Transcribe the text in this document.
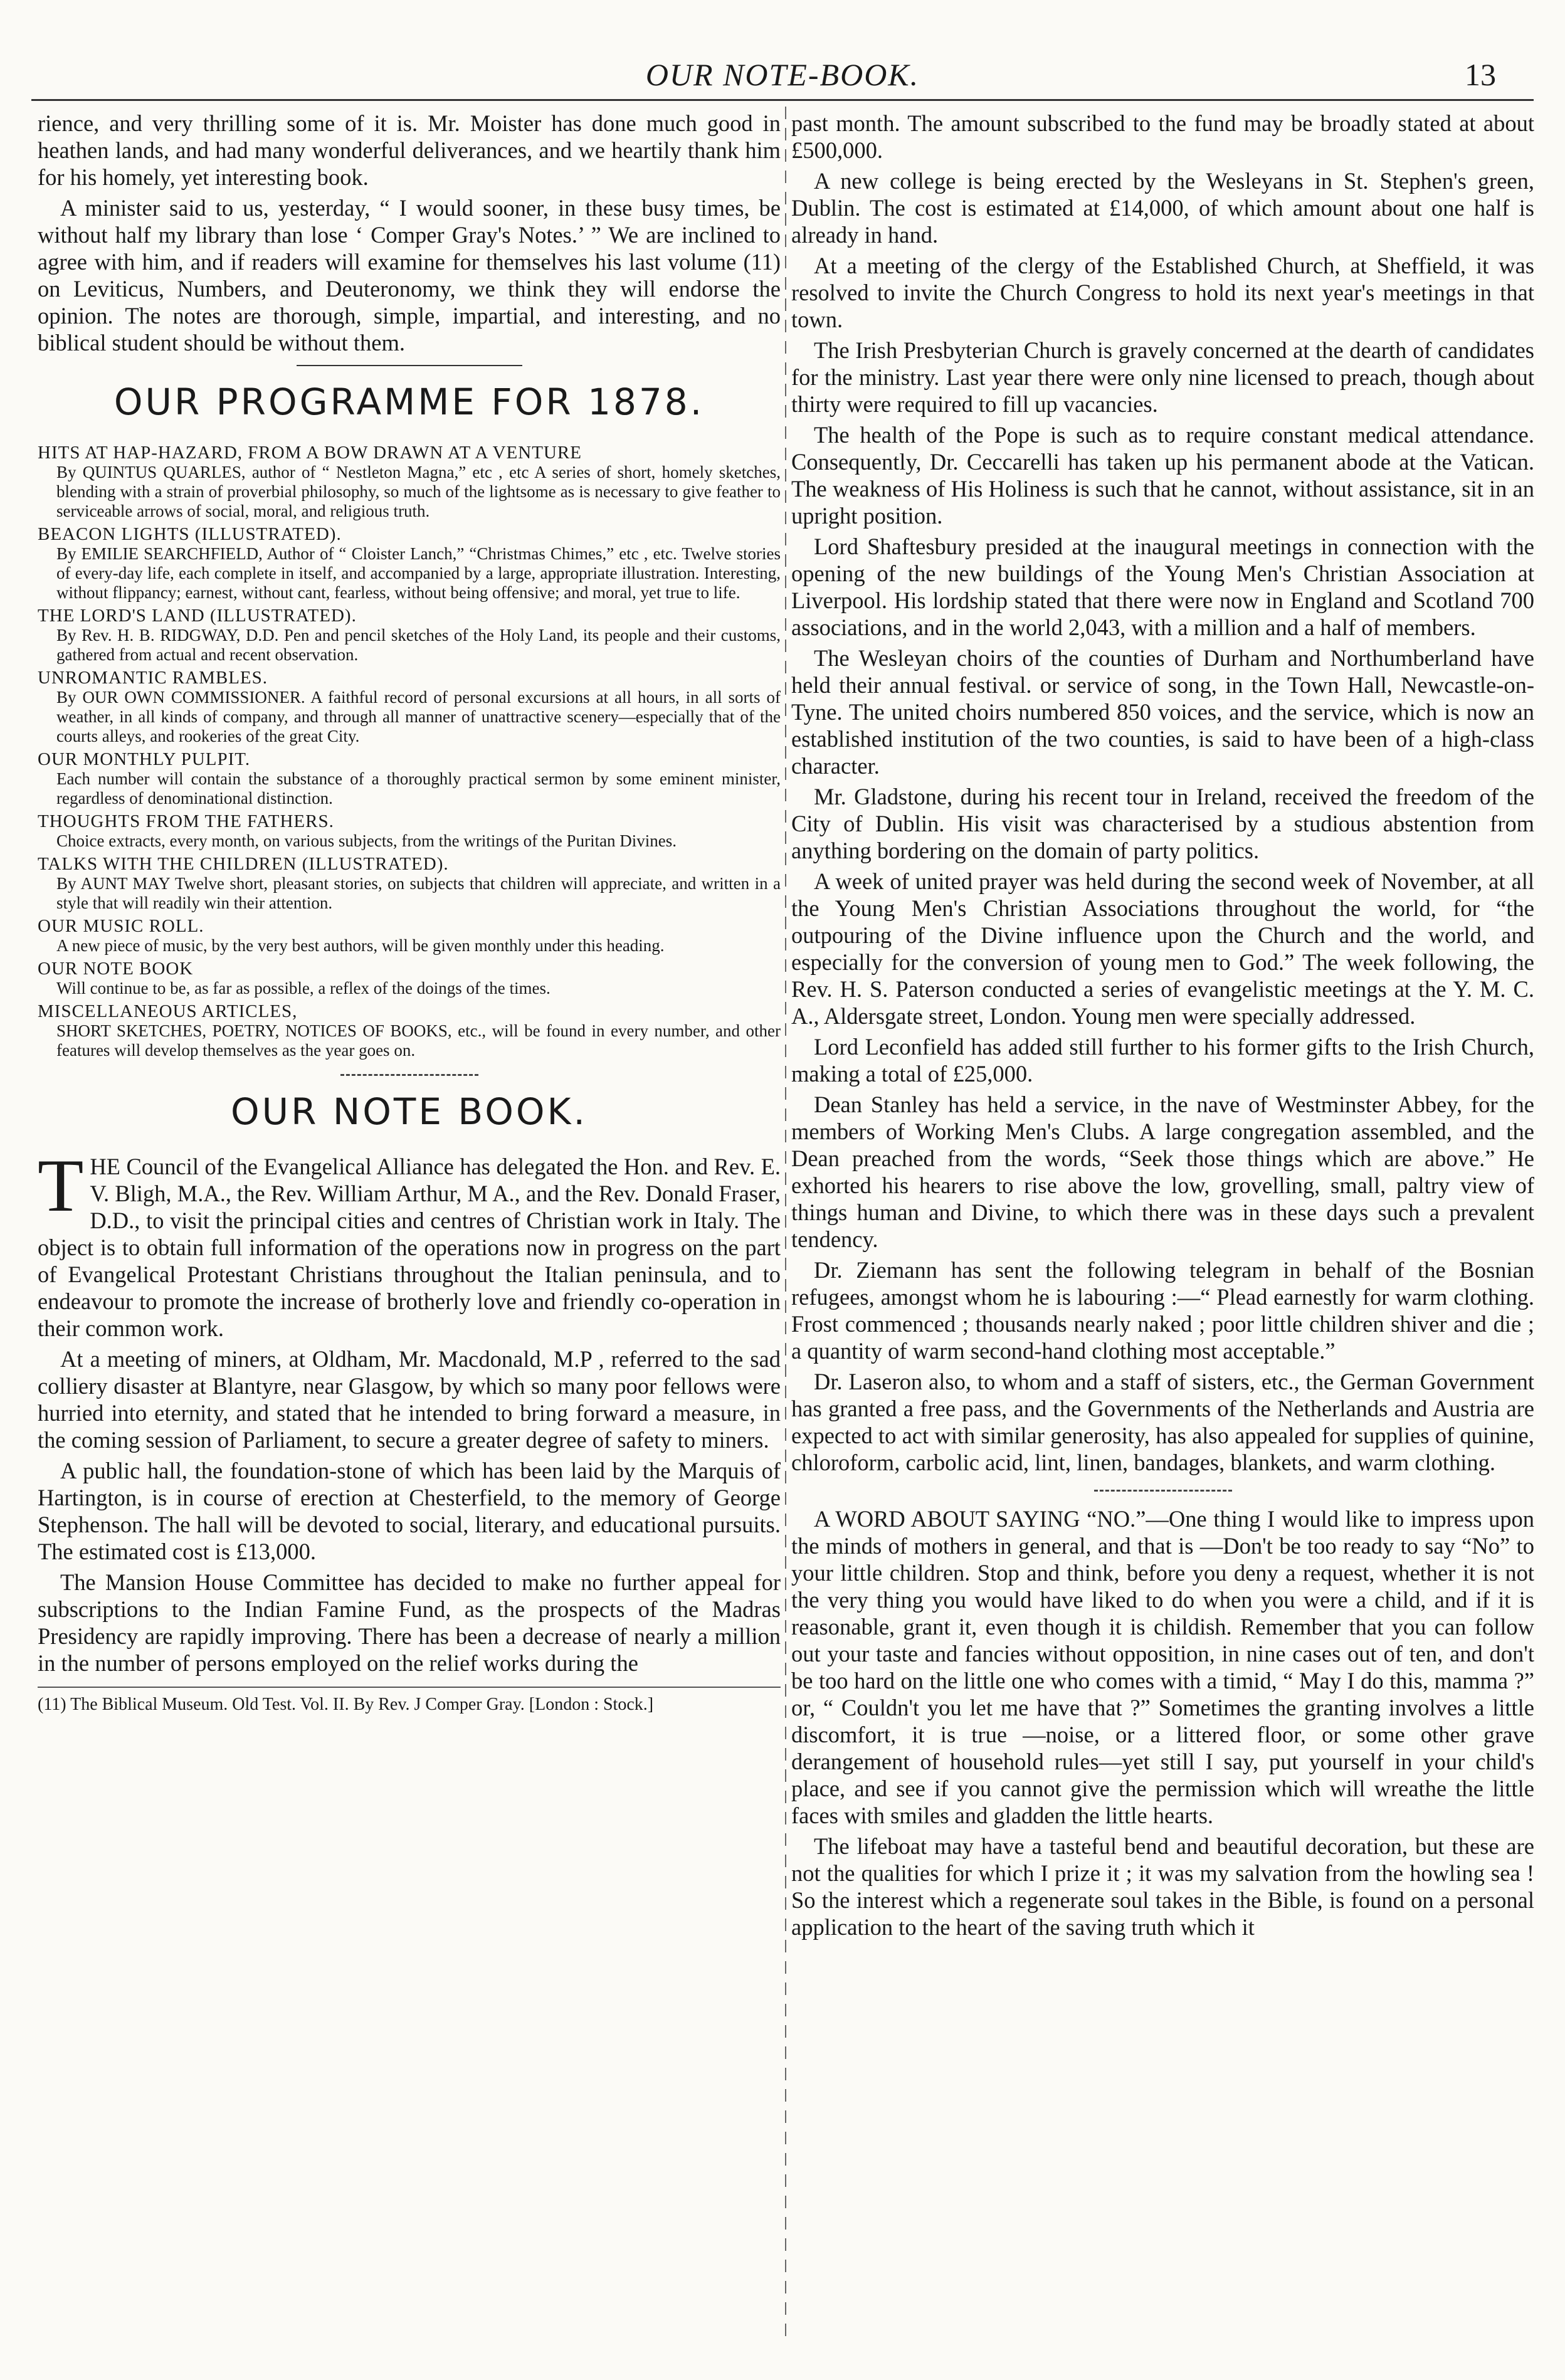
OUR NOTE-BOOK.	13

rience, and very thrilling some of it is. Mr. Moister has done much good in heathen lands, and had many wonderful deliverances, and we heartily thank him for his homely, yet interesting book.

A minister said to us, yesterday, “ I would sooner, in these busy times, be without half my library than lose ‘ Comper Gray's Notes.’ ” We are inclined to agree with him, and if readers will examine for themselves his last volume (11) on Leviticus, Numbers, and Deuteronomy, we think they will endorse the opinion. The notes are thorough, simple, impartial, and interesting, and no biblical student should be without them.

OUR PROGRAMME FOR 1878.
HITS AT HAP-HAZARD, FROM A BOW DRAWN AT A VENTURE

By QUINTUS QUARLES, author of “ Nestleton Magna,” etc , etc A series of short, homely sketches, blending with a strain of proverbial philosophy, so much of the lightsome as is necessary to give feather to serviceable arrows of social, moral, and religious truth.

BEACON LIGHTS (ILLUSTRATED).

By EMILIE SEARCHFIELD, Author of “ Cloister Lanch,” “Christmas Chimes,” etc , etc. Twelve stories of every-day life, each complete in itself, and accompanied by a large, appropriate illustration. Interesting, without flippancy; earnest, without cant, fearless, without being offensive; and moral, yet true to life.

THE LORD'S LAND (ILLUSTRATED).

By Rev. H. B. RIDGWAY, D.D. Pen and pencil sketches of the Holy Land, its people and their customs, gathered from actual and recent observation.

UNROMANTIC RAMBLES.

By OUR OWN COMMISSIONER. A faithful record of personal excursions at all hours, in all sorts of weather, in all kinds of company, and through all manner of unattractive scenery—especially that of the courts alleys, and rookeries of the great City.

OUR MONTHLY PULPIT.

Each number will contain the substance of a thoroughly practical sermon by some eminent minister, regardless of denominational distinction.

THOUGHTS FROM THE FATHERS.

Choice extracts, every month, on various subjects, from the writings of the Puritan Divines.

TALKS WITH THE CHILDREN (ILLUSTRATED).

By AUNT MAY Twelve short, pleasant stories, on subjects that children will appreciate, and written in a style that will readily win their attention.

OUR MUSIC ROLL.

A new piece of music, by the very best authors, will be given monthly under this heading.

OUR NOTE BOOK

Will continue to be, as far as possible, a reflex of the doings of the times.

MISCELLANEOUS ARTICLES,

SHORT SKETCHES, POETRY, NOTICES OF BOOKS, etc., will be found in every number, and other features will develop themselves as the year goes on.

OUR NOTE BOOK.

THE Council of the Evangelical Alliance has delegated the Hon. and Rev. E. V. Bligh, M.A., the Rev. William Arthur, M A., and the Rev. Donald Fraser, D.D., to visit the principal cities and centres of Christian work in Italy. The object is to obtain full information of the operations now in progress on the part of Evangelical Protestant Christians throughout the Italian peninsula, and to endeavour to promote the increase of brotherly love and friendly co-operation in their common work.

At a meeting of miners, at Oldham, Mr. Macdonald, M.P , referred to the sad colliery disaster at Blantyre, near Glasgow, by which so many poor fellows were hurried into eternity, and stated that he intended to bring forward a measure, in the coming session of Parliament, to secure a greater degree of safety to miners.

A public hall, the foundation-stone of which has been laid by the Marquis of Hartington, is in course of erection at Chesterfield, to the memory of George Stephenson. The hall will be devoted to social, literary, and educational pursuits. The estimated cost is £13,000.

The Mansion House Committee has decided to make no further appeal for subscriptions to the Indian Famine Fund, as the prospects of the Madras Presidency are rapidly improving. There has been a decrease of nearly a million in the number of persons employed on the relief works during the

(11) The Biblical Museum. Old Test. Vol. II. By Rev. J Comper Gray. [London : Stock.]

past month. The amount subscribed to the fund may be broadly stated at about £500,000.

A new college is being erected by the Wesleyans in St. Stephen's green, Dublin. The cost is estimated at £14,000, of which amount about one half is already in hand.

At a meeting of the clergy of the Established Church, at Sheffield, it was resolved to invite the Church Congress to hold its next year's meetings in that town.

The Irish Presbyterian Church is gravely concerned at the dearth of candidates for the ministry. Last year there were only nine licensed to preach, though about thirty were required to fill up vacancies.

The health of the Pope is such as to require constant medical attendance. Consequently, Dr. Ceccarelli has taken up his permanent abode at the Vatican. The weakness of His Holiness is such that he cannot, without assistance, sit in an upright position.

Lord Shaftesbury presided at the inaugural meetings in connection with the opening of the new buildings of the Young Men's Christian Association at Liverpool. His lordship stated that there were now in England and Scotland 700 associations, and in the world 2,043, with a million and a half of members.

The Wesleyan choirs of the counties of Durham and Northumberland have held their annual festival. or service of song, in the Town Hall, Newcastle-on-Tyne. The united choirs numbered 850 voices, and the service, which is now an established institution of the two counties, is said to have been of a high-class character.

Mr. Gladstone, during his recent tour in Ireland, received the freedom of the City of Dublin. His visit was characterised by a studious abstention from anything bordering on the domain of party politics.

A week of united prayer was held during the second week of November, at all the Young Men's Christian Associations throughout the world, for “the outpouring of the Divine influence upon the Church and the world, and especially for the conversion of young men to God.” The week following, the Rev. H. S. Paterson conducted a series of evangelistic meetings at the Y. M. C. A., Aldersgate street, London. Young men were specially addressed.

Lord Leconfield has added still further to his former gifts to the Irish Church, making a total of £25,000.

Dean Stanley has held a service, in the nave of Westminster Abbey, for the members of Working Men's Clubs. A large congregation assembled, and the Dean preached from the words, “Seek those things which are above.” He exhorted his hearers to rise above the low, grovelling, small, paltry view of things human and Divine, to which there was in these days such a prevalent tendency.

Dr. Ziemann has sent the following telegram in behalf of the Bosnian refugees, amongst whom he is labouring :—“ Plead earnestly for warm clothing. Frost commenced ; thousands nearly naked ; poor little children shiver and die ; a quantity of warm second-hand clothing most acceptable.”

Dr. Laseron also, to whom and a staff of sisters, etc., the German Government has granted a free pass, and the Governments of the Netherlands and Austria are expected to act with similar generosity, has also appealed for supplies of quinine, chloroform, carbolic acid, lint, linen, bandages, blankets, and warm clothing.

A WORD ABOUT SAYING “NO.”—One thing I would like to impress upon the minds of mothers in general, and that is —Don't be too ready to say “No” to your little children. Stop and think, before you deny a request, whether it is not the very thing you would have liked to do when you were a child, and if it is reasonable, grant it, even though it is childish. Remember that you can follow out your taste and fancies without opposition, in nine cases out of ten, and don't be too hard on the little one who comes with a timid, “ May I do this, mamma ?” or, “ Couldn't you let me have that ?” Sometimes the granting involves a little discomfort, it is true —noise, or a littered floor, or some other grave derangement of household rules—yet still I say, put yourself in your child's place, and see if you cannot give the permission which will wreathe the little faces with smiles and gladden the little hearts.

The lifeboat may have a tasteful bend and beautiful decoration, but these are not the qualities for which I prize it ; it was my salvation from the howling sea ! So the interest which a regenerate soul takes in the Bible, is found on a personal application to the heart of the saving truth which it
